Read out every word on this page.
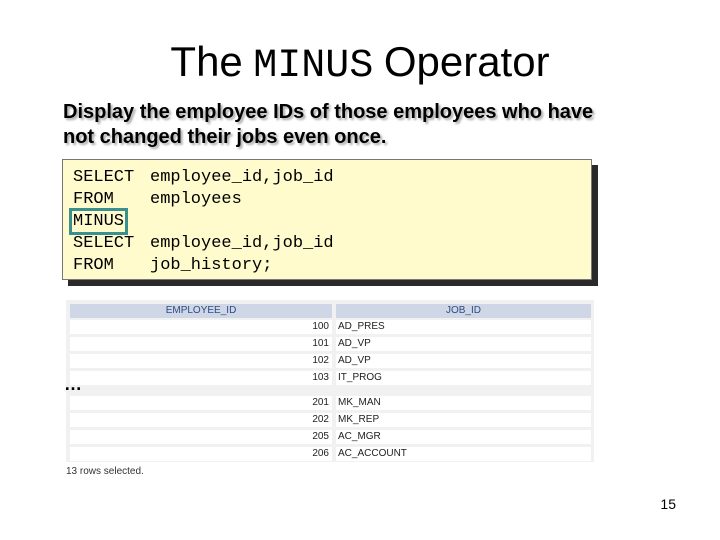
The MINUS Operator
Display the employee IDs of those employees who have
not changed their jobs even once.
SELECT employee_id,job_id
FROM employees
MINUS
SELECT employee_id,job_id
FROM job_history;
EMPLOYEE_ID	JOB_ID
100 AD_PRES
101 AD_VP
102 AD_VP
103 IT_PROG
201 MK_MAN
202 MK_REP
205 AC_MGR
206 AC_ACCOUNT
…
13 rows selected.
15
